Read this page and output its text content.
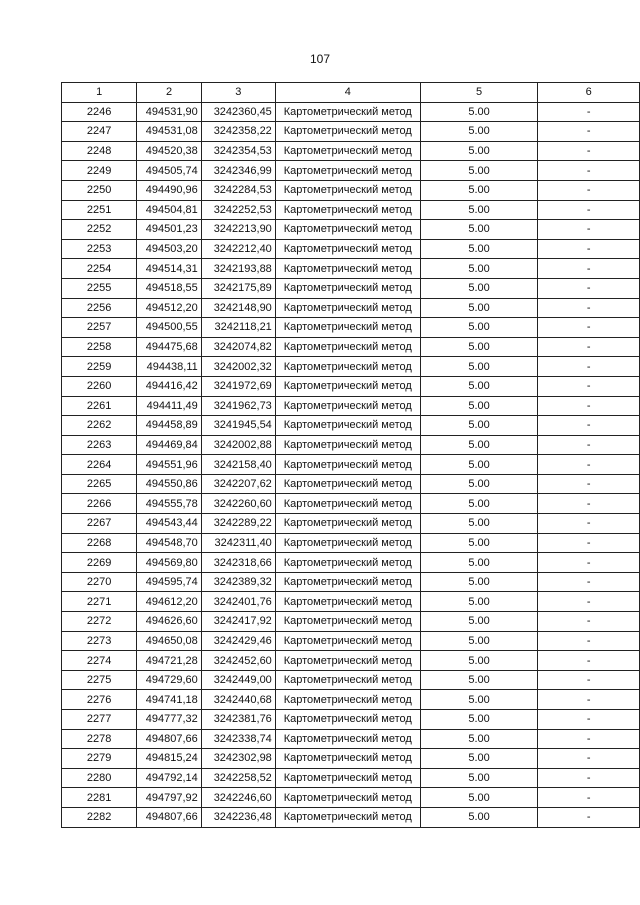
107
1	2	3	4	5	6
2246	494531,90	3242360,45	Картометрический метод	5.00	-
2247	494531,08	3242358,22	Картометрический метод	5.00	-
2248	494520,38	3242354,53	Картометрический метод	5.00	-
2249	494505,74	3242346,99	Картометрический метод	5.00	-
2250	494490,96	3242284,53	Картометрический метод	5.00	-
2251	494504,81	3242252,53	Картометрический метод	5.00	-
2252	494501,23	3242213,90	Картометрический метод	5.00	-
2253	494503,20	3242212,40	Картометрический метод	5.00	-
2254	494514,31	3242193,88	Картометрический метод	5.00	-
2255	494518,55	3242175,89	Картометрический метод	5.00	-
2256	494512,20	3242148,90	Картометрический метод	5.00	-
2257	494500,55	3242118,21	Картометрический метод	5.00	-
2258	494475,68	3242074,82	Картометрический метод	5.00	-
2259	494438,11	3242002,32	Картометрический метод	5.00	-
2260	494416,42	3241972,69	Картометрический метод	5.00	-
2261	494411,49	3241962,73	Картометрический метод	5.00	-
2262	494458,89	3241945,54	Картометрический метод	5.00	-
2263	494469,84	3242002,88	Картометрический метод	5.00	-
2264	494551,96	3242158,40	Картометрический метод	5.00	-
2265	494550,86	3242207,62	Картометрический метод	5.00	-
2266	494555,78	3242260,60	Картометрический метод	5.00	-
2267	494543,44	3242289,22	Картометрический метод	5.00	-
2268	494548,70	3242311,40	Картометрический метод	5.00	-
2269	494569,80	3242318,66	Картометрический метод	5.00	-
2270	494595,74	3242389,32	Картометрический метод	5.00	-
2271	494612,20	3242401,76	Картометрический метод	5.00	-
2272	494626,60	3242417,92	Картометрический метод	5.00	-
2273	494650,08	3242429,46	Картометрический метод	5.00	-
2274	494721,28	3242452,60	Картометрический метод	5.00	-
2275	494729,60	3242449,00	Картометрический метод	5.00	-
2276	494741,18	3242440,68	Картометрический метод	5.00	-
2277	494777,32	3242381,76	Картометрический метод	5.00	-
2278	494807,66	3242338,74	Картометрический метод	5.00	-
2279	494815,24	3242302,98	Картометрический метод	5.00	-
2280	494792,14	3242258,52	Картометрический метод	5.00	-
2281	494797,92	3242246,60	Картометрический метод	5.00	-
2282	494807,66	3242236,48	Картометрический метод	5.00	-
